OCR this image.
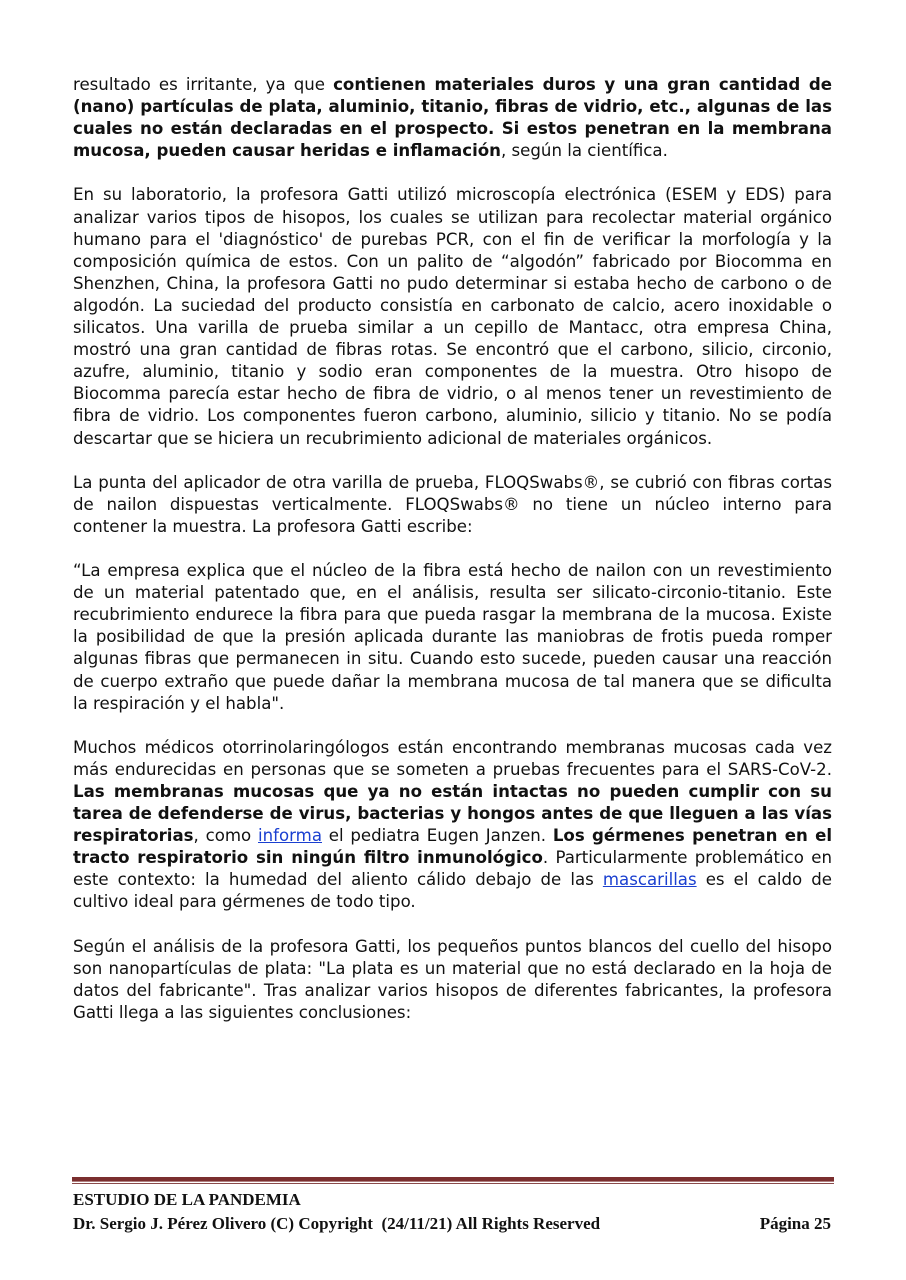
resultado es irritante, ya que contienen materiales duros y una gran cantidad de (nano) partículas de plata, aluminio, titanio, fibras de vidrio, etc., algunas de las cuales no están declaradas en el prospecto. Si estos penetran en la membrana mucosa, pueden causar heridas e inflamación, según la científica.

En su laboratorio, la profesora Gatti utilizó microscopía electrónica (ESEM y EDS) para analizar varios tipos de hisopos, los cuales se utilizan para recolectar material orgánico humano para el 'diagnóstico' de purebas PCR, con el fin de verificar la morfología y la composición química de estos. Con un palito de “algodón” fabricado por Biocomma en Shenzhen, China, la profesora Gatti no pudo determinar si estaba hecho de carbono o de algodón. La suciedad del producto consistía en carbonato de calcio, acero inoxidable o silicatos. Una varilla de prueba similar a un cepillo de Mantacc, otra empresa China, mostró una gran cantidad de fibras rotas. Se encontró que el carbono, silicio, circonio, azufre, aluminio, titanio y sodio eran componentes de la muestra. Otro hisopo de Biocomma parecía estar hecho de fibra de vidrio, o al menos tener un revestimiento de fibra de vidrio. Los componentes fueron carbono, aluminio, silicio y titanio. No se podía descartar que se hiciera un recubrimiento adicional de materiales orgánicos.

La punta del aplicador de otra varilla de prueba, FLOQSwabs®, se cubrió con fibras cortas de nailon dispuestas verticalmente. FLOQSwabs® no tiene un núcleo interno para contener la muestra. La profesora Gatti escribe:

“La empresa explica que el núcleo de la fibra está hecho de nailon con un revestimiento de un material patentado que, en el análisis, resulta ser silicato-circonio-titanio. Este recubrimiento endurece la fibra para que pueda rasgar la membrana de la mucosa. Existe la posibilidad de que la presión aplicada durante las maniobras de frotis pueda romper algunas fibras que permanecen in situ. Cuando esto sucede, pueden causar una reacción de cuerpo extraño que puede dañar la membrana mucosa de tal manera que se dificulta la respiración y el habla".

Muchos médicos otorrinolaringólogos están encontrando membranas mucosas cada vez más endurecidas en personas que se someten a pruebas frecuentes para el SARS-CoV-2. Las membranas mucosas que ya no están intactas no pueden cumplir con su tarea de defenderse de virus, bacterias y hongos antes de que lleguen a las vías respiratorias, como informa el pediatra Eugen Janzen. Los gérmenes penetran en el tracto respiratorio sin ningún filtro inmunológico. Particularmente problemático en este contexto: la humedad del aliento cálido debajo de las mascarillas es el caldo de cultivo ideal para gérmenes de todo tipo.

Según el análisis de la profesora Gatti, los pequeños puntos blancos del cuello del hisopo son nanopartículas de plata: "La plata es un material que no está declarado en la hoja de datos del fabricante". Tras analizar varios hisopos de diferentes fabricantes, la profesora Gatti llega a las siguientes conclusiones:

ESTUDIO DE LA PANDEMIA
Dr. Sergio J. Pérez Olivero (C) Copyright  (24/11/21) All Rights Reserved	Página 25
